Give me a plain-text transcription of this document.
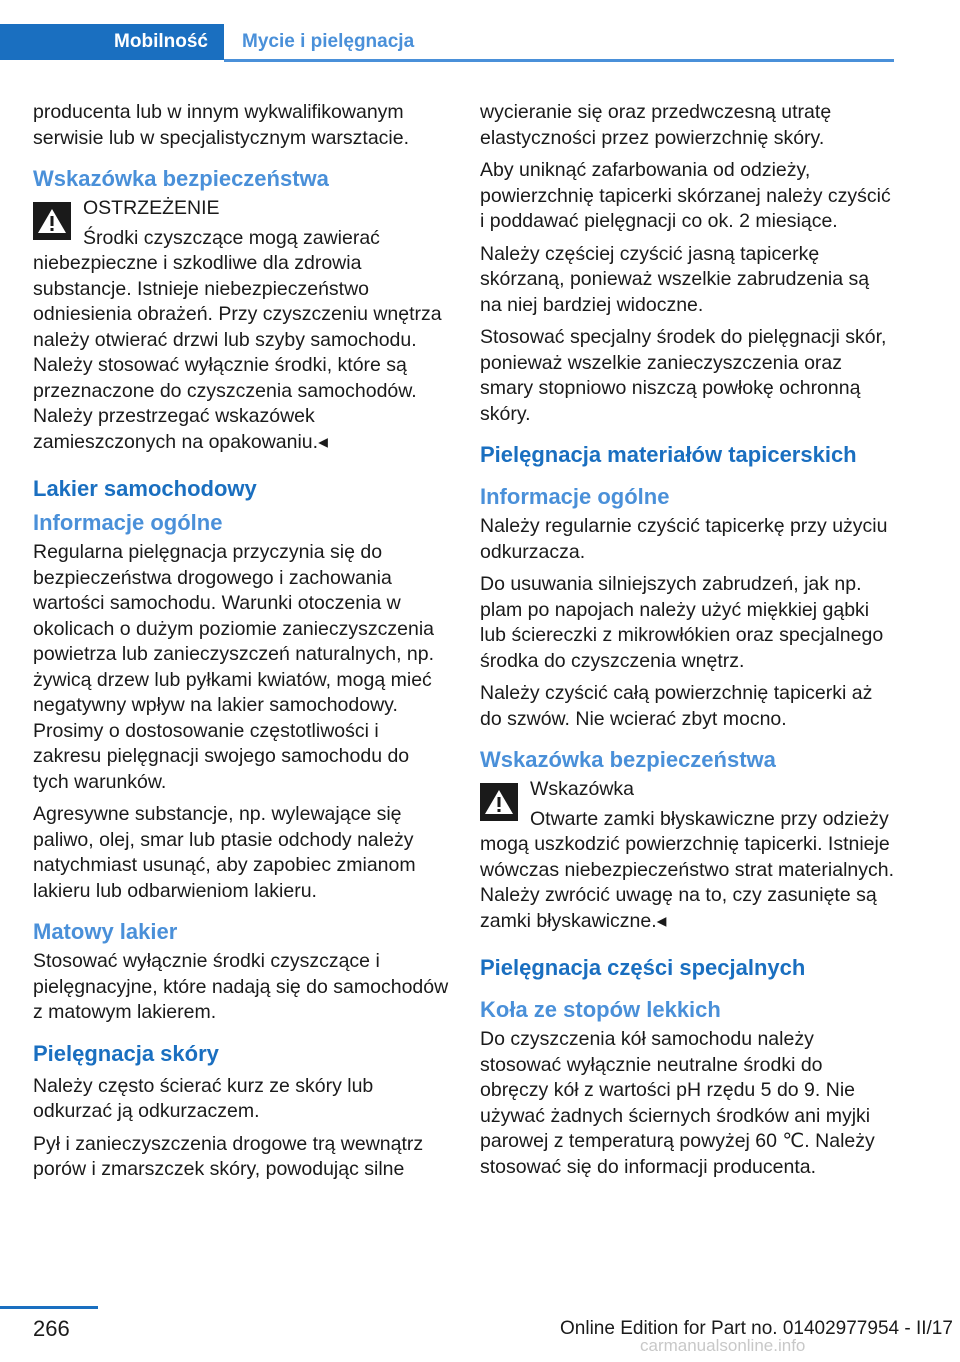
Mobilność	Mycie i pielęgnacja

producenta lub w innym wykwalifikowanym serwisie lub w specjalistycznym warsztacie.

Wskazówka bezpieczeństwa

OSTRZEŻENIE

Środki czyszczące mogą zawierać niebezpieczne i szkodliwe dla zdrowia substancje. Istnieje niebezpieczeństwo odniesienia obrażeń. Przy czyszczeniu wnętrza należy otwierać drzwi lub szyby samochodu. Należy stosować wyłącznie środki, które są przeznaczone do czyszczenia samochodów. Należy przestrzegać wskazówek zamieszczonych na opakowaniu.◂

Lakier samochodowy
Informacje ogólne

Regularna pielęgnacja przyczynia się do bezpieczeństwa drogowego i zachowania wartości samochodu. Warunki otoczenia w okolicach o dużym poziomie zanieczyszczenia powietrza lub zanieczyszczeń naturalnych, np. żywicą drzew lub pyłkami kwiatów, mogą mieć negatywny wpływ na lakier samochodowy. Prosimy o dostosowanie częstotliwości i zakresu pielęgnacji swojego samochodu do tych warunków.

Agresywne substancje, np. wylewające się paliwo, olej, smar lub ptasie odchody należy natychmiast usunąć, aby zapobiec zmianom lakieru lub odbarwieniom lakieru.

Matowy lakier

Stosować wyłącznie środki czyszczące i pielęgnacyjne, które nadają się do samochodów z matowym lakierem.

Pielęgnacja skóry

Należy często ścierać kurz ze skóry lub odkurzać ją odkurzaczem.

Pył i zanieczyszczenia drogowe trą wewnątrz porów i zmarszczek skóry, powodując silne

wycieranie się oraz przedwczesną utratę elastyczności przez powierzchnię skóry.

Aby uniknąć zafarbowania od odzieży, powierzchnię tapicerki skórzanej należy czyścić i poddawać pielęgnacji co ok. 2 miesiące.

Należy częściej czyścić jasną tapicerkę skórzaną, ponieważ wszelkie zabrudzenia są na niej bardziej widoczne.

Stosować specjalny środek do pielęgnacji skór, ponieważ wszelkie zanieczyszczenia oraz smary stopniowo niszczą powłokę ochronną skóry.

Pielęgnacja materiałów tapicerskich
Informacje ogólne

Należy regularnie czyścić tapicerkę przy użyciu odkurzacza.

Do usuwania silniejszych zabrudzeń, jak np. plam po napojach należy użyć miękkiej gąbki lub ściereczki z mikrowłókien oraz specjalnego środka do czyszczenia wnętrz.

Należy czyścić całą powierzchnię tapicerki aż do szwów. Nie wcierać zbyt mocno.

Wskazówka bezpieczeństwa

Wskazówka

Otwarte zamki błyskawiczne przy odzieży mogą uszkodzić powierzchnię tapicerki. Istnieje wówczas niebezpieczeństwo strat materialnych. Należy zwrócić uwagę na to, czy zasunięte są zamki błyskawiczne.◂

Pielęgnacja części specjalnych
Koła ze stopów lekkich

Do czyszczenia kół samochodu należy stosować wyłącznie neutralne środki do obręczy kół z wartości pH rzędu 5 do 9. Nie używać żadnych ściernych środków ani myjki parowej z temperaturą powyżej 60 ℃. Należy stosować się do informacji producenta.

266	Online Edition for Part no. 01402977954 - II/17
carmanualsonline.info
